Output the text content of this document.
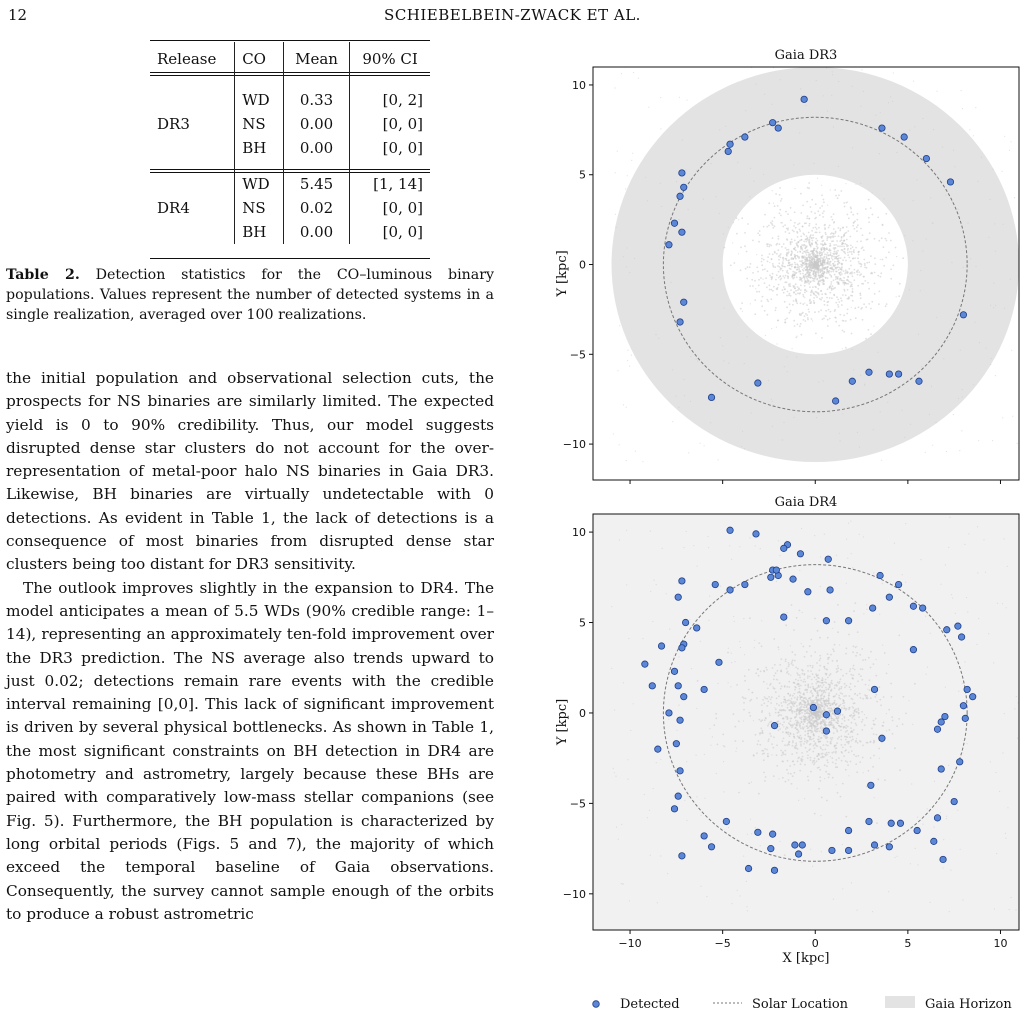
12	SCHIEBELBEIN-ZWACK ET AL.
Release	CO	Mean	90% CI

DR3	WD	0.33	[0, 2]
	NS	0.00	[0, 0]
	BH	0.00	[0, 0]

DR4	WD	5.45	[1, 14]
	NS	0.02	[0, 0]
	BH	0.00	[0, 0]
Table 2. Detection statistics for the CO–luminous binary populations. Values represent the number of detected systems in a single realization, averaged over 100 realizations.

the initial population and observational selection cuts, the prospects for NS binaries are similarly limited. The expected yield is 0 to 90% credibility. Thus, our model suggests disrupted dense star clusters do not account for the over-representation of metal-poor halo NS binaries in Gaia DR3. Likewise, BH binaries are virtually undetectable with 0 detections. As evident in Table 1, the lack of detections is a consequence of most binaries from disrupted dense star clusters being too distant for DR3 sensitivity.

The outlook improves slightly in the expansion to DR4. The model anticipates a mean of 5.5 WDs (90% credible range: 1–14), representing an approximately ten-fold improvement over the DR3 prediction. The NS average also trends upward to just 0.02; detections remain rare events with the credible interval remaining [0,0]. This lack of significant improvement is driven by several physical bottlenecks. As shown in Table 1, the most significant constraints on BH detection in DR4 are photometry and astrometry, largely because these BHs are paired with comparatively low-mass stellar companions (see Fig. 5). Furthermore, the BH population is characterized by long orbital periods (Figs. 5 and 7), the majority of which exceed the temporal baseline of Gaia observations. Consequently, the survey cannot sample enough of the orbits to produce a robust astrometric

−10
−5
0
5
10
Gaia DR3
Y [kpc]
−10	−5	0	5	10
−10
−5
0
5
10
Gaia DR4
Y [kpc]
X [kpc]
Detected	Solar Location	Gaia Horizon
